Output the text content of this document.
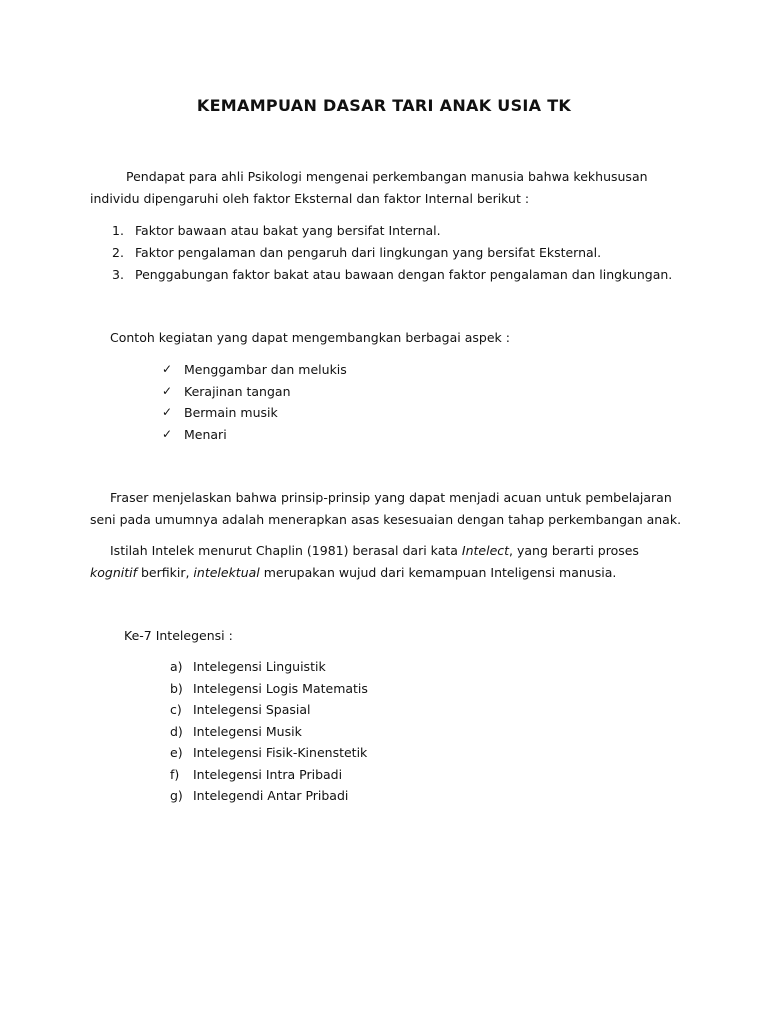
KEMAMPUAN DASAR TARI ANAK USIA TK
Pendapat para ahli Psikologi mengenai perkembangan manusia bahwa kekhususan
individu dipengaruhi oleh faktor Eksternal dan faktor Internal berikut :
1. Faktor bawaan atau bakat yang bersifat Internal.
2. Faktor pengalaman dan pengaruh dari lingkungan yang bersifat Eksternal.
3. Penggabungan faktor bakat atau bawaan dengan faktor pengalaman dan lingkungan.
Contoh kegiatan yang dapat mengembangkan berbagai aspek :
✓ Menggambar dan melukis
✓ Kerajinan tangan
✓ Bermain musik
✓ Menari
Fraser menjelaskan bahwa prinsip-prinsip yang dapat menjadi acuan untuk pembelajaran
seni pada umumnya adalah menerapkan asas kesesuaian dengan tahap perkembangan anak.
Istilah Intelek menurut Chaplin (1981) berasal dari kata Intelect, yang berarti proses
kognitif berfikir, intelektual merupakan wujud dari kemampuan Inteligensi manusia.
Ke-7 Intelegensi :
a) Intelegensi Linguistik
b) Intelegensi Logis Matematis
c) Intelegensi Spasial
d) Intelegensi Musik
e) Intelegensi Fisik-Kinenstetik
f)	Intelegensi Intra Pribadi
g) Intelegendi Antar Pribadi
